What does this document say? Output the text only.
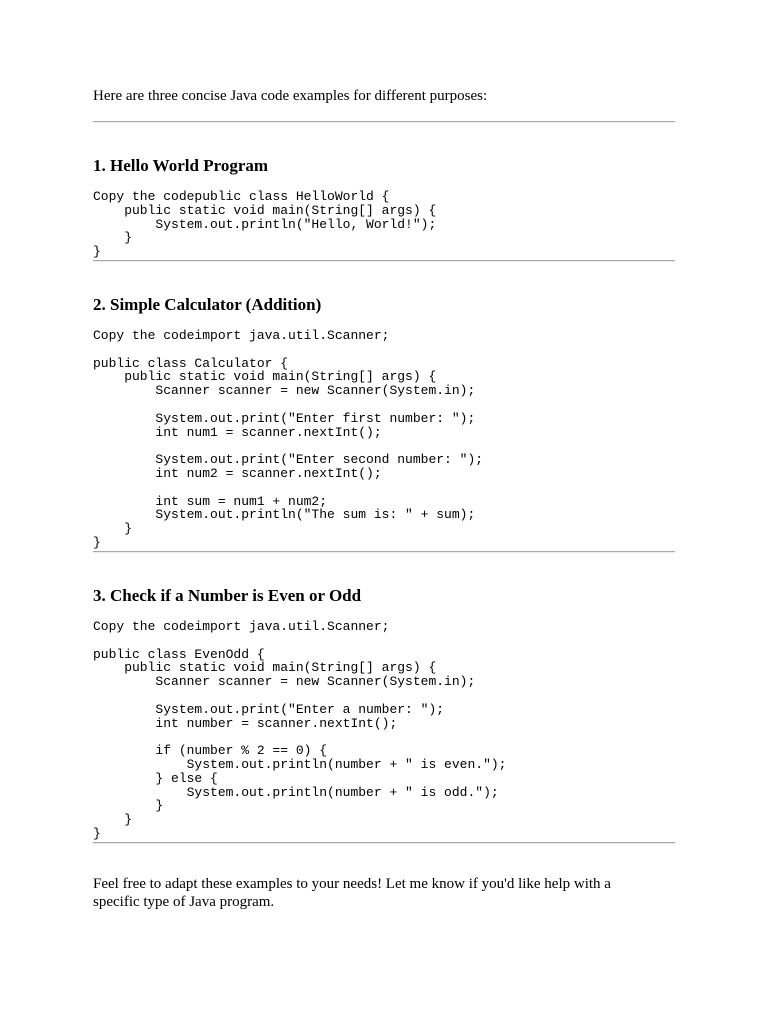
Here are three concise Java code examples for different purposes:

1. Hello World Program
Copy the codepublic class HelloWorld {
public static void main(String[] args) {
System.out.println("Hello, World!");
}
}
2. Simple Calculator (Addition)
Copy the codeimport java.util.Scanner;

public class Calculator {
public static void main(String[] args) {
Scanner scanner = new Scanner(System.in);

System.out.print("Enter first number: ");
int num1 = scanner.nextInt();

System.out.print("Enter second number: ");
int num2 = scanner.nextInt();

int sum = num1 + num2;
System.out.println("The sum is: " + sum);
}
}
3. Check if a Number is Even or Odd
Copy the codeimport java.util.Scanner;

public class EvenOdd {
public static void main(String[] args) {
Scanner scanner = new Scanner(System.in);

System.out.print("Enter a number: ");
int number = scanner.nextInt();

if (number % 2 == 0) {
System.out.println(number + " is even.");
} else {
System.out.println(number + " is odd.");
}
}
}

Feel free to adapt these examples to your needs! Let me know if you'd like help with a specific type of Java program.
